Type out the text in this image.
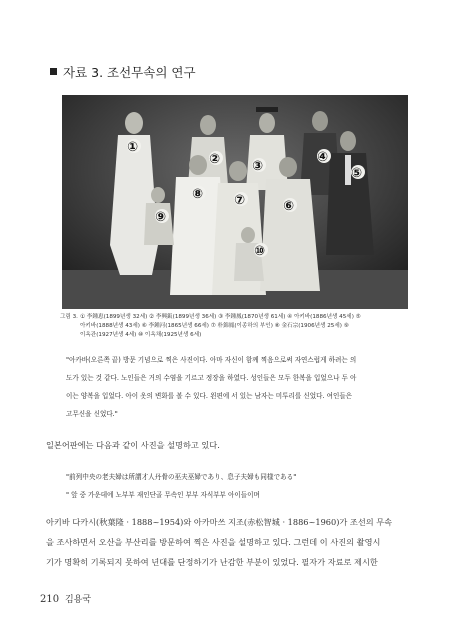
자료 3. 조선무속의 연구
①
② ③
④
⑤
⑥
⑦
⑧
⑨
⑩
그림 3. ① 李鍾恵(1899년생 32세) ② 李興鈑(1899년생 36세) ③ 李鍾鳳(1870년생 61세) ④ 아키바(1886년생 45세) ⑤
아키바(1888년생 43세) ⑥ 李鍾河(1865년생 66세) ⑦ 朴錦鳳(이종하의 부인) ⑧ 金石宗(1906년생 25세) ⑨
이옥관(1927년생 4세) ⑩ 이옥채(1925년생 6세)
"아카바(오른쪽 끝) 방문 기념으로 찍은 사진이다. 아마 자신이 함께 찍음으로써 자연스럽게 하려는 의
도가 있는 것 같다. 노인들은 거의 수염을 기르고 정장을 하였다. 성인들은 모두 한복을 입었으나 두 아
이는 양복을 입었다. 아이 옷의 변화를 볼 수 있다. 왼편에 서 있는 남자는 미투리를 신었다. 여인들은
고무신을 신었다."
일본어판에는 다음과 같이 사진을 설명하고 있다.
"前列中央の老夫婦は所謂才人丹骨の巫夫巫婦であり、息子夫婦も同様である"
" 앞 중 가운데에 노부부 재인단골 무속인 부부 자식부부 아이들이며
아키바 다카시(秋葉隆 · 1888~1954)와 아카마쓰 지조(赤松智城 · 1886~1960)가 조선의 무속
을 조사하면서 오산을 부산리를 방문하여 찍은 사진을 설명하고 있다. 그런데 이 사진의 촬영시
기가 명확히 기록되지 못하여 년대를 단정하기가 난감한 부분이 있었다. 필자가 자료로 제시한
210 김용국
